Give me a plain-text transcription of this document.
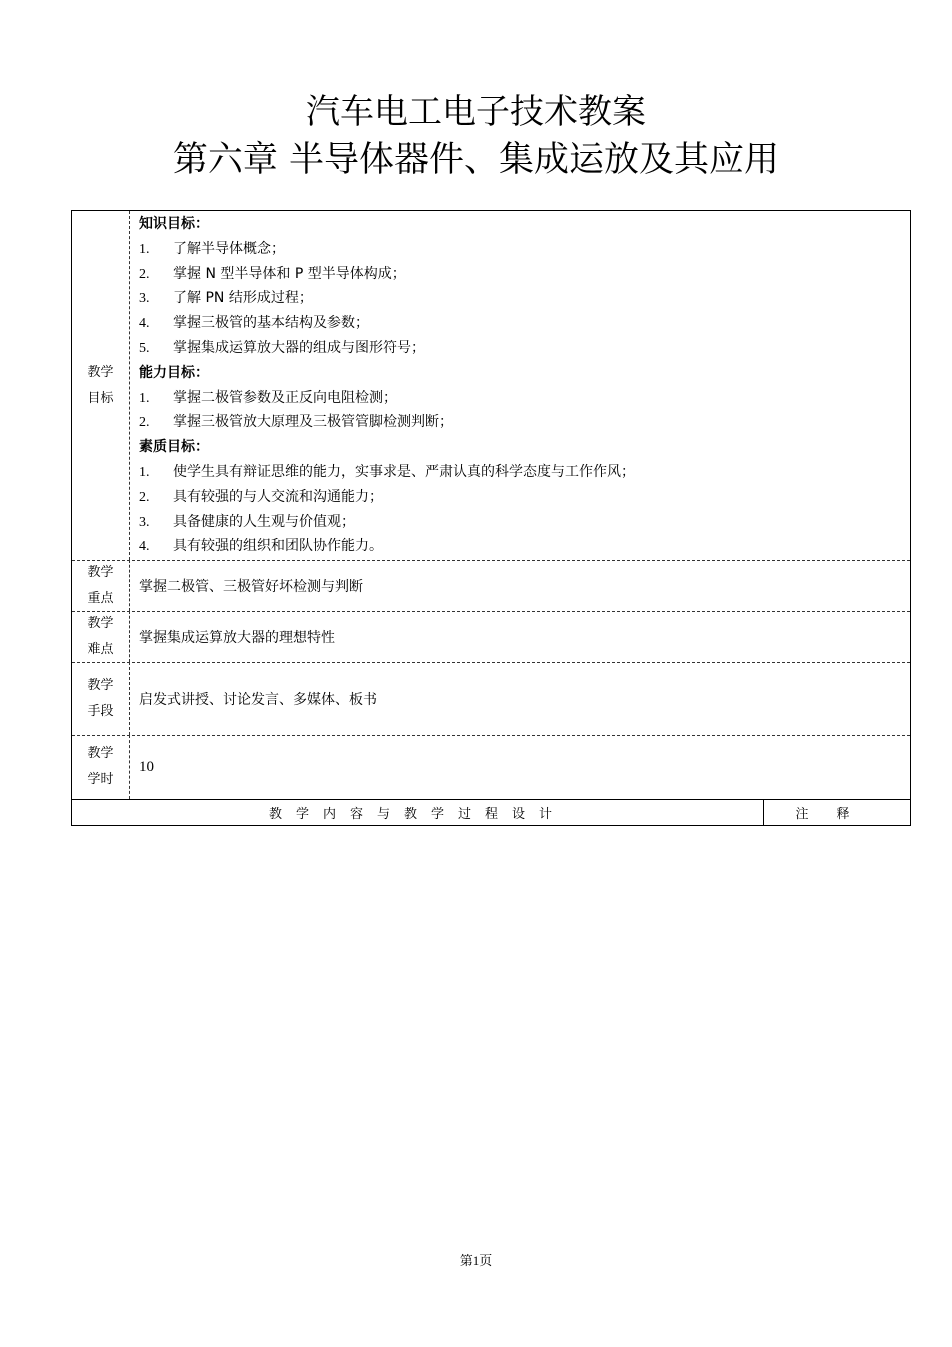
汽车电工电子技术教案
第六章 半导体器件、集成运放及其应用
教学
目标
知识目标：
1. 了解半导体概念；
2. 掌握 N 型半导体和 P 型半导体构成；
3. 了解 PN 结形成过程；
4. 掌握三极管的基本结构及参数；
5. 掌握集成运算放大器的组成与图形符号；
能力目标：
1. 掌握二极管参数及正反向电阻检测；
2. 掌握三极管放大原理及三极管管脚检测判断；
素质目标：
1. 使学生具有辩证思维的能力，实事求是、严肃认真的科学态度与工作作风；
2. 具有较强的与人交流和沟通能力；
3. 具备健康的人生观与价值观；
4. 具有较强的组织和团队协作能力。
教学
重点
掌握二极管、三极管好坏检测与判断
教学
难点
掌握集成运算放大器的理想特性
教学
手段
启发式讲授、讨论发言、多媒体、板书
教学
学时
10
教学内容与教学过程设计	注释
第1页
